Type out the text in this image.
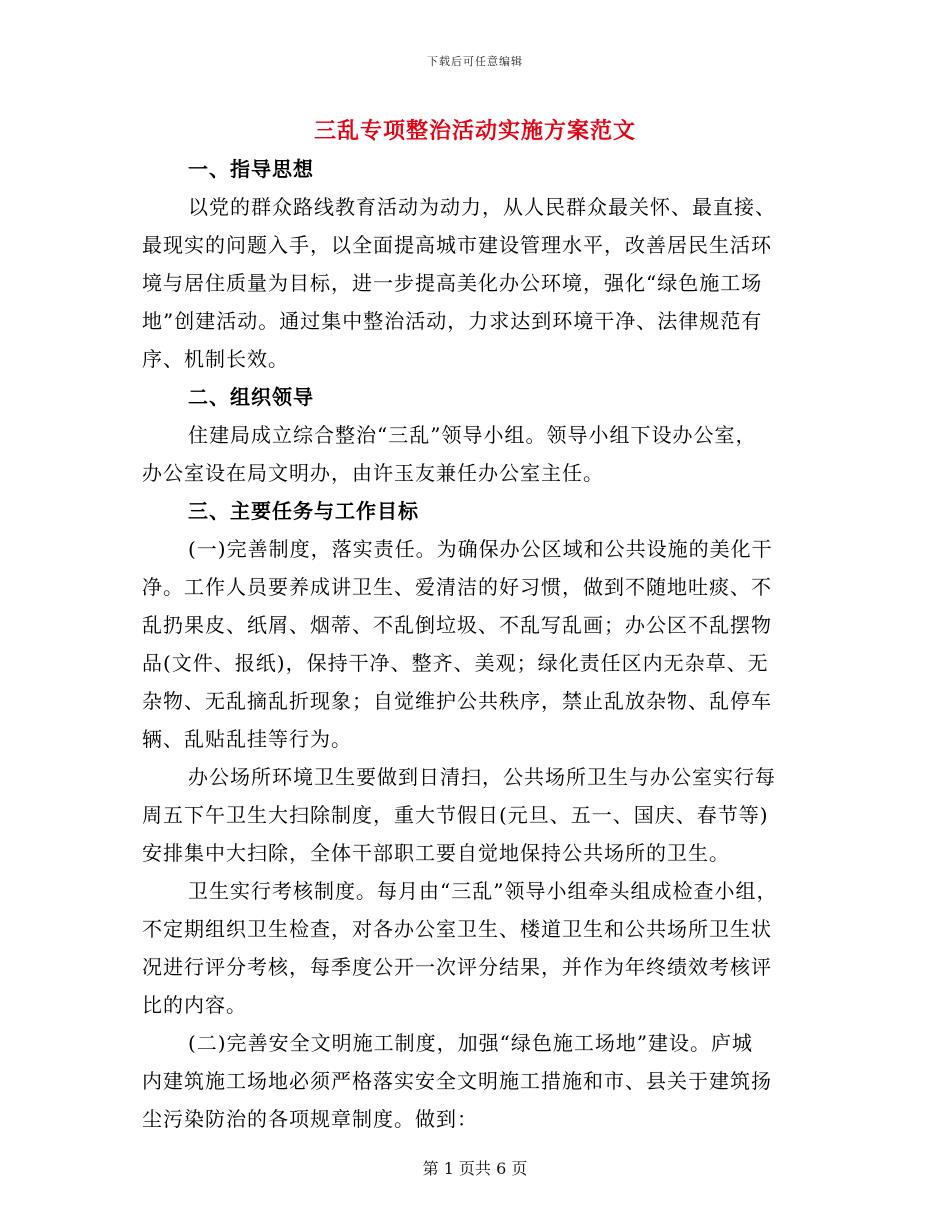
下载后可任意编辑
三乱专项整治活动实施方案范文
一、指导思想
以党的群众路线教育活动为动力，从人民群众最关怀、最直接、
最现实的问题入手，以全面提高城市建设管理水平，改善居民生活环
境与居住质量为目标，进一步提高美化办公环境，强化“绿色施工场
地”创建活动。通过集中整治活动，力求达到环境干净、法律规范有
序、机制长效。
二、组织领导
住建局成立综合整治“三乱”领导小组。领导小组下设办公室，
办公室设在局文明办，由许玉友兼任办公室主任。
三、主要任务与工作目标
(一)完善制度，落实责任。为确保办公区域和公共设施的美化干
净。工作人员要养成讲卫生、爱清洁的好习惯，做到不随地吐痰、不
乱扔果皮、纸屑、烟蒂、不乱倒垃圾、不乱写乱画；办公区不乱摆物
品(文件、报纸)，保持干净、整齐、美观；绿化责任区内无杂草、无
杂物、无乱摘乱折现象；自觉维护公共秩序，禁止乱放杂物、乱停车
辆、乱贴乱挂等行为。
办公场所环境卫生要做到日清扫，公共场所卫生与办公室实行每
周五下午卫生大扫除制度，重大节假日(元旦、五一、国庆、春节等)
安排集中大扫除，全体干部职工要自觉地保持公共场所的卫生。
卫生实行考核制度。每月由“三乱”领导小组牵头组成检查小组，
不定期组织卫生检查，对各办公室卫生、楼道卫生和公共场所卫生状
况进行评分考核，每季度公开一次评分结果，并作为年终绩效考核评
比的内容。
(二)完善安全文明施工制度，加强“绿色施工场地”建设。庐城
内建筑施工场地必须严格落实安全文明施工措施和市、县关于建筑扬
尘污染防治的各项规章制度。做到：
第 1 页共 6 页
